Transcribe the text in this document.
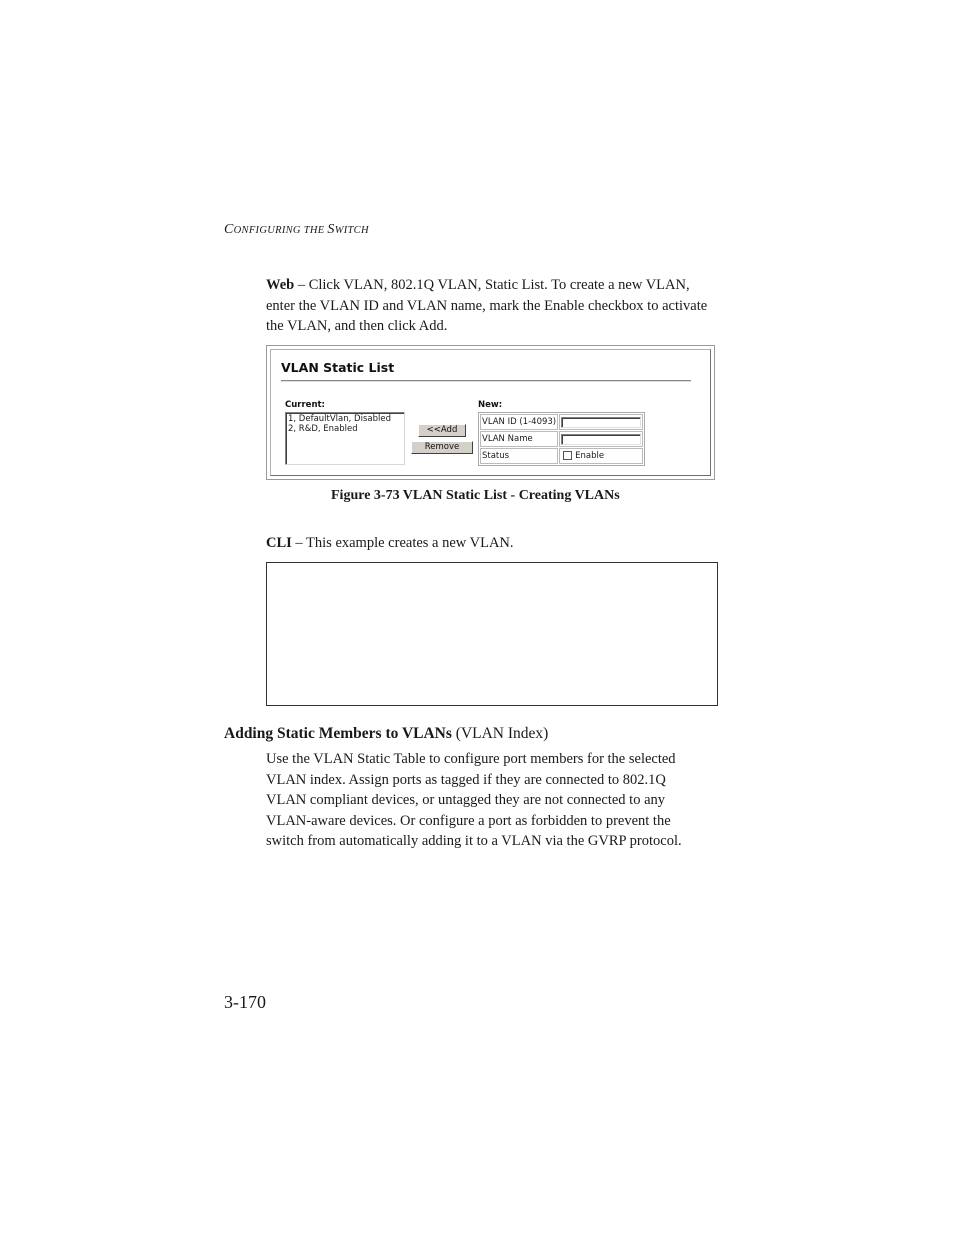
CONFIGURING THE SWITCH
Web – Click VLAN, 802.1Q VLAN, Static List. To create a new VLAN, enter the VLAN ID and VLAN name, mark the Enable checkbox to activate the VLAN, and then click Add.
VLAN Static List
Current:
1, DefaultVlan, Disabled
2, R&D, Enabled	<<Add
Remove
New:
VLAN ID (1-4093)	

VLAN Name	

Status	Enable
Figure 3-73 VLAN Static List - Creating VLANs
CLI – This example creates a new VLAN.
Adding Static Members to VLANs (VLAN Index)
Use the VLAN Static Table to configure port members for the selected VLAN index. Assign ports as tagged if they are connected to 802.1Q VLAN compliant devices, or untagged they are not connected to any VLAN-aware devices. Or configure a port as forbidden to prevent the switch from automatically adding it to a VLAN via the GVRP protocol.
3-170
